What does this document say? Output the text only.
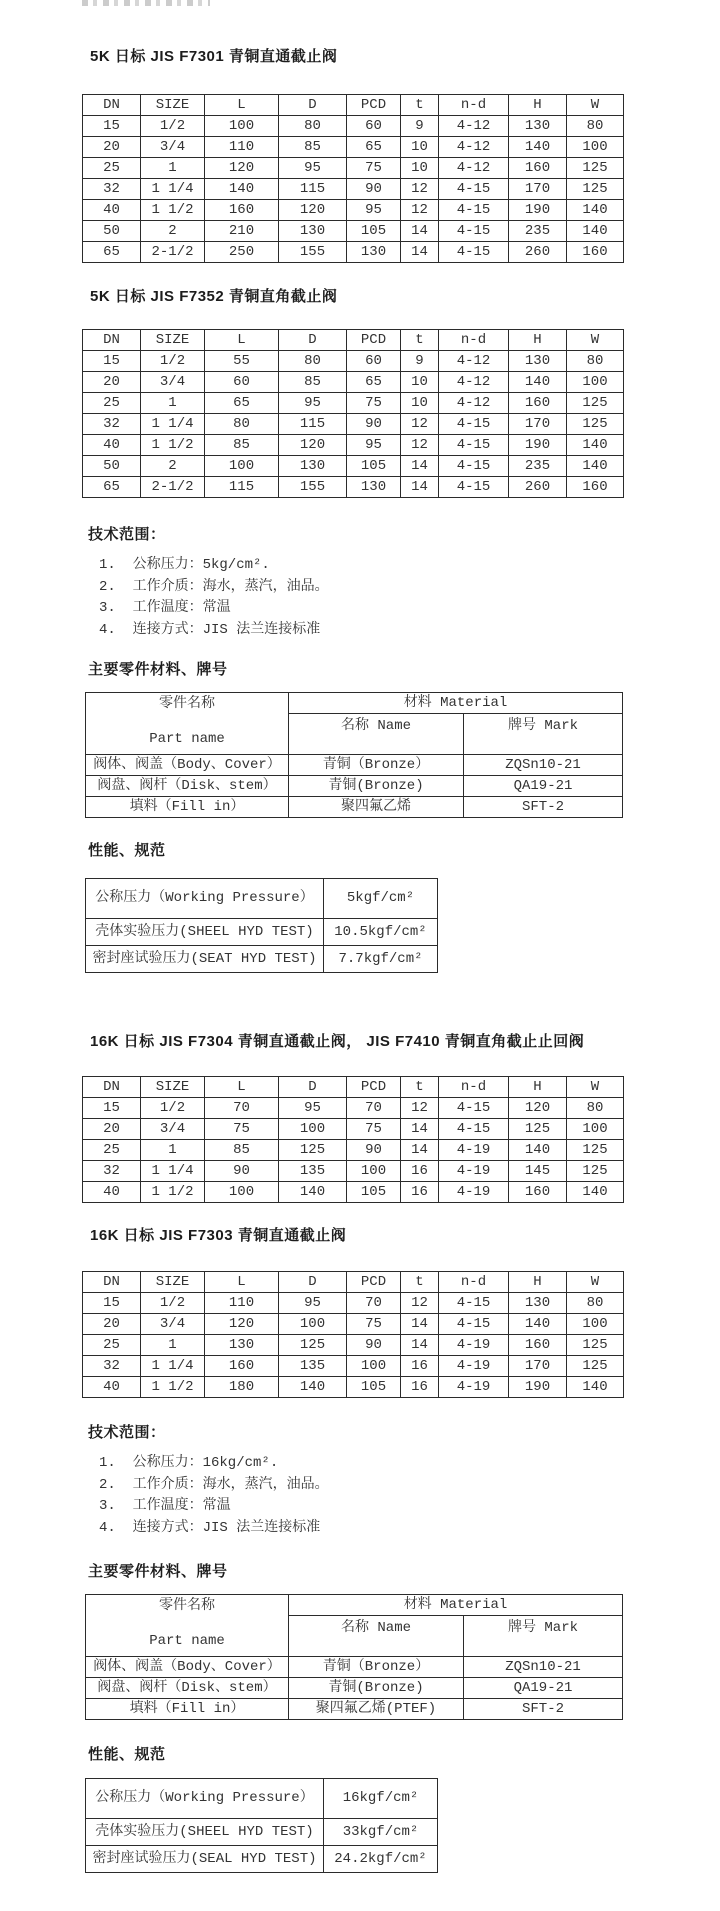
5K 日标 JIS F7301 青铜直通截止阀
DN	SIZE	L	D	PCD	t	n-d	H	W
15	1/2	100	80	60	9	4-12	130	80
20	3/4	110	85	65	10	4-12	140	100
25	1	120	95	75	10	4-12	160	125
32	1 1/4	140	115	90	12	4-15	170	125
40	1 1/2	160	120	95	12	4-15	190	140
50	2	210	130	105	14	4-15	235	140
65	2-1/2	250	155	130	14	4-15	260	160
5K 日标 JIS F7352 青铜直角截止阀
DN	SIZE	L	D	PCD	t	n-d	H	W
15	1/2	55	80	60	9	4-12	130	80
20	3/4	60	85	65	10	4-12	140	100
25	1	65	95	75	10	4-12	160	125
32	1 1/4	80	115	90	12	4-15	170	125
40	1 1/2	85	120	95	12	4-15	190	140
50	2	100	130	105	14	4-15	235	140
65	2-1/2	115	155	130	14	4-15	260	160
技术范围：
1.  公称压力：5kg/cm².
2.  工作介质：海水，蒸汽，油品。
3.  工作温度：常温
4.  连接方式：JIS 法兰连接标准
主要零件材料、牌号
零件名称
Part name	材料 Material	
	名称 Name	牌号 Mark
阀体、阀盖（Body、Cover）	青铜（Bronze）	ZQSn10-21
阀盘、阀杆（Disk、stem）	青铜(Bronze)	QA19-21
填料（Fill in）	聚四氟乙烯	SFT-2
性能、规范
公称压力（Working Pressure）	5kgf/cm²
壳体实验压力(SHEEL HYD TEST)	10.5kgf/cm²
密封座试验压力(SEAT HYD TEST)	7.7kgf/cm²
16K 日标 JIS F7304 青铜直通截止阀， JIS F7410 青铜直角截止止回阀
DN	SIZE	L	D	PCD	t	n-d	H	W
15	1/2	70	95	70	12	4-15	120	80
20	3/4	75	100	75	14	4-15	125	100
25	1	85	125	90	14	4-19	140	125
32	1 1/4	90	135	100	16	4-19	145	125
40	1 1/2	100	140	105	16	4-19	160	140
16K 日标 JIS F7303 青铜直通截止阀
DN	SIZE	L	D	PCD	t	n-d	H	W
15	1/2	110	95	70	12	4-15	130	80
20	3/4	120	100	75	14	4-15	140	100
25	1	130	125	90	14	4-19	160	125
32	1 1/4	160	135	100	16	4-19	170	125
40	1 1/2	180	140	105	16	4-19	190	140
技术范围：
1.  公称压力：16kg/cm².
2.  工作介质：海水，蒸汽，油品。
3.  工作温度：常温
4.  连接方式：JIS 法兰连接标准
主要零件材料、牌号
零件名称
Part name	材料 Material	
	名称 Name	牌号 Mark
阀体、阀盖（Body、Cover）	青铜（Bronze）	ZQSn10-21
阀盘、阀杆（Disk、stem）	青铜(Bronze)	QA19-21
填料（Fill in）	聚四氟乙烯(PTEF)	SFT-2
性能、规范
公称压力（Working Pressure）	16kgf/cm²
壳体实验压力(SHEEL HYD TEST)	33kgf/cm²
密封座试验压力(SEAL HYD TEST)	24.2kgf/cm²
